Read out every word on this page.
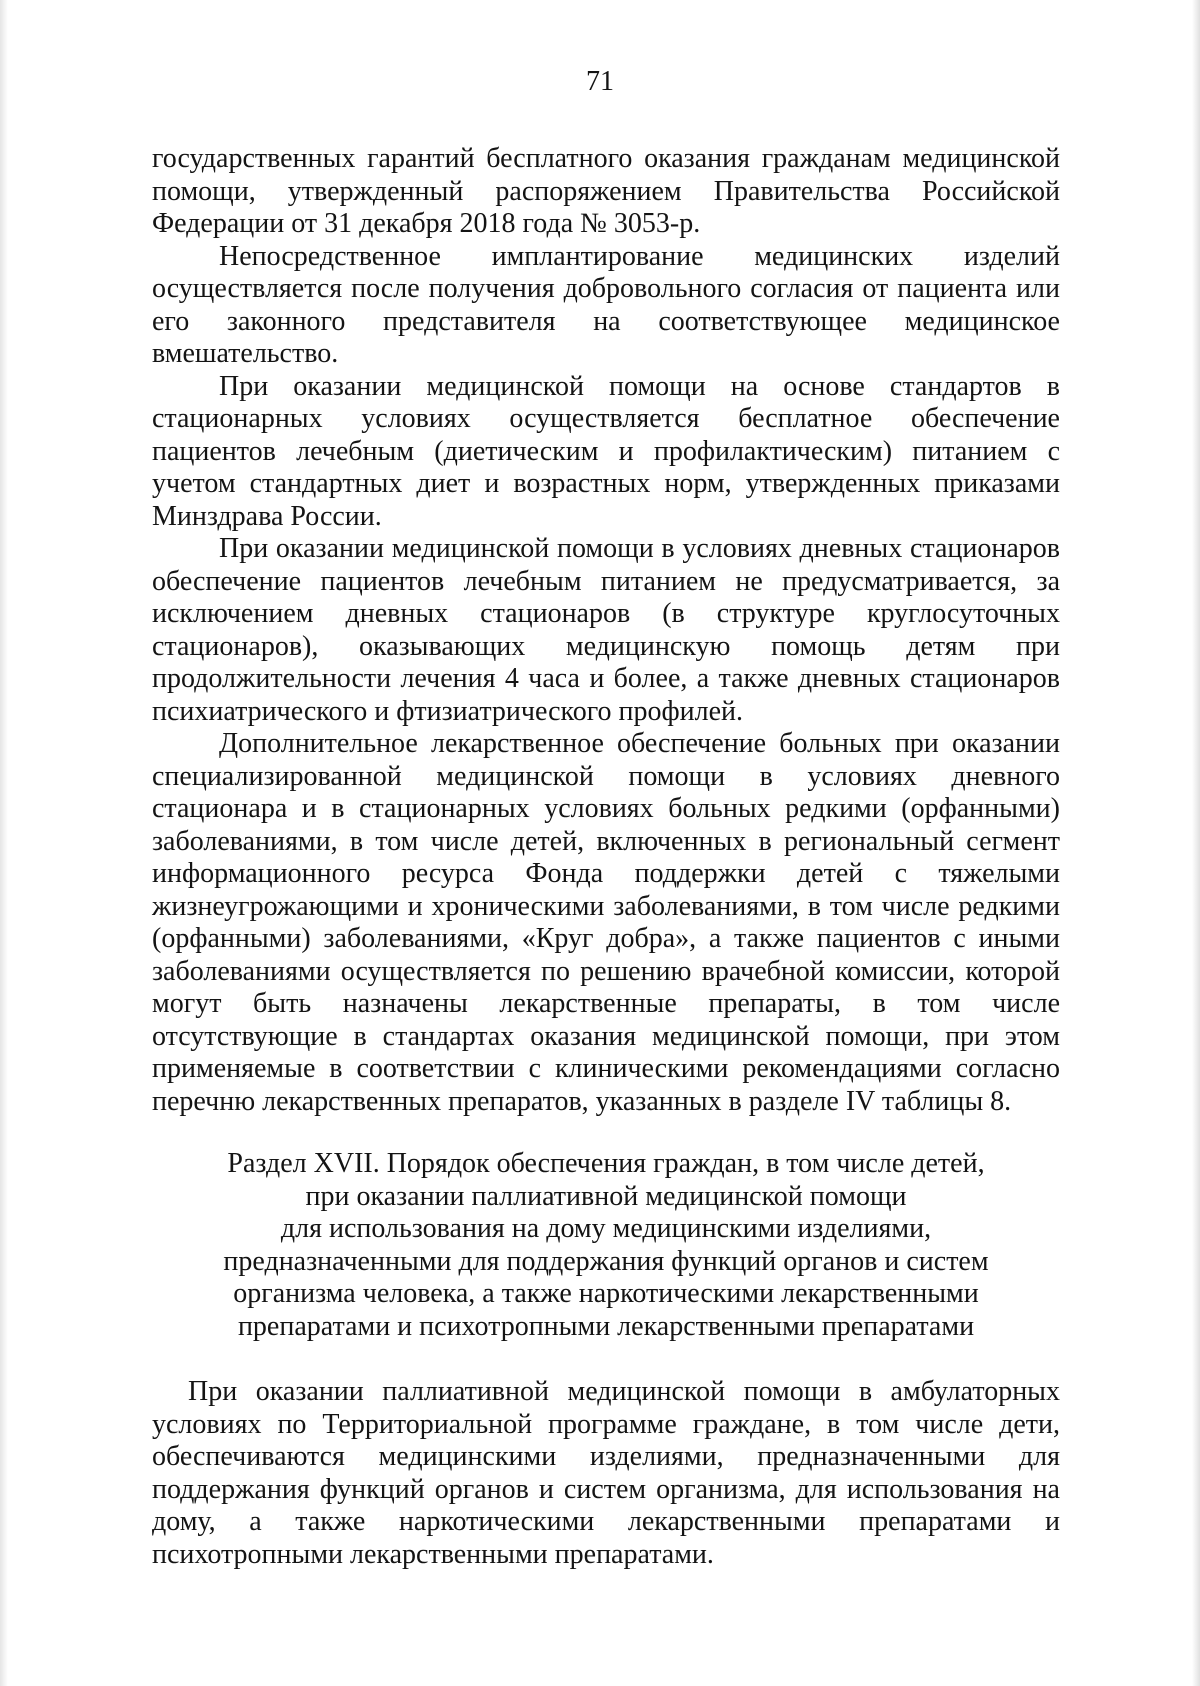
71

государственных гарантий бесплатного оказания гражданам медицинской помощи, утвержденный распоряжением Правительства Российской Федерации от 31 декабря 2018 года № 3053-р.

Непосредственное имплантирование медицинских изделий осуществляется после получения добровольного согласия от пациента или его законного представителя на соответствующее медицинское вмешательство.

При оказании медицинской помощи на основе стандартов в стационарных условиях осуществляется бесплатное обеспечение пациентов лечебным (диетическим и профилактическим) питанием с учетом стандартных диет и возрастных норм, утвержденных приказами Минздрава России.

При оказании медицинской помощи в условиях дневных стационаров обеспечение пациентов лечебным питанием не предусматривается, за исключением дневных стационаров (в структуре круглосуточных стационаров), оказывающих медицинскую помощь детям при продолжительности лечения 4 часа и более, а также дневных стационаров психиатрического и фтизиатрического профилей.

Дополнительное лекарственное обеспечение больных при оказании специализированной медицинской помощи в условиях дневного стационара и в стационарных условиях больных редкими (орфанными) заболеваниями, в том числе детей, включенных в региональный сегмент информационного ресурса Фонда поддержки детей с тяжелыми жизнеугрожающими и хроническими заболеваниями, в том числе редкими (орфанными) заболеваниями, «Круг добра», а также пациентов с иными заболеваниями осуществляется по решению врачебной комиссии, которой могут быть назначены лекарственные препараты, в том числе отсутствующие в стандартах оказания медицинской помощи, при этом применяемые в соответствии с клиническими рекомендациями согласно перечню лекарственных препаратов, указанных в разделе IV таблицы 8.

Раздел XVII. Порядок обеспечения граждан, в том числе детей,
при оказании паллиативной медицинской помощи
для использования на дому медицинскими изделиями,
предназначенными для поддержания функций органов и систем
организма человека, а также наркотическими лекарственными
препаратами и психотропными лекарственными препаратами

При оказании паллиативной медицинской помощи в амбулаторных условиях по Территориальной программе граждане, в том числе дети, обеспечиваются медицинскими изделиями, предназначенными для поддержания функций органов и систем организма, для использования на дому, а также наркотическими лекарственными препаратами и психотропными лекарственными препаратами.
